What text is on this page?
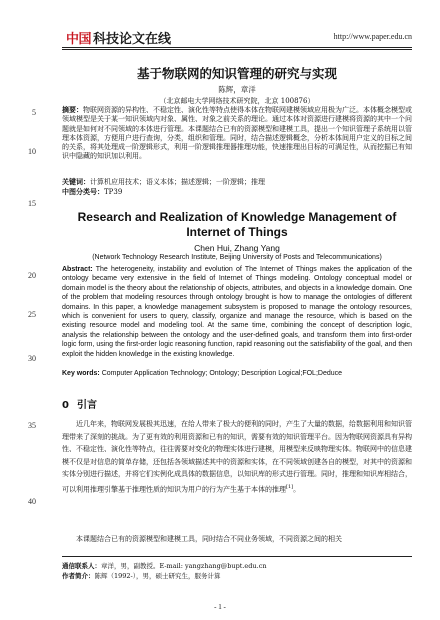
中国 科技论文在线	http://www.paper.edu.cn
5
10
15
20
25
30
35
40
基于物联网的知识管理的研究与实现
陈辉，章洋
（北京邮电大学网络技术研究院，北京 100876）
摘要：物联网资源的异构性、不稳定性、演化性等特点使得本体在物联网建模领域应用极为广泛。本体概念模型或领域模型是关于某一知识领域内对象、属性、对象之前关系的理论。通过本体对资源进行建模将资源的其中一个问题就是如何对不同领域的本体进行管理。本课题结合已有的资源模型和建模工具，提出一个知识管理子系统用以管理本体资源，方便用户进行查询，分类，组织和管理。同时，结合描述逻辑概念，分析本体间用户定义的目标之间的关系，将其处理成一阶逻辑形式，利用一阶逻辑推理器推理功能，快速推理出目标的可满足性，从而挖掘已有知识中隐藏的知识加以利用。
关键词：计算机应用技术；语义本体；描述逻辑；一阶逻辑；推理
中图分类号：TP39
Research and Realization of Knowledge Management of Internet of Things
Chen Hui, Zhang Yang
(Network Technology Research Institute, Beijing University of Posts and Telecommunications)
Abstract: The heterogeneity, instability and evolution of The Internet of Things makes the application of the ontology became very extensive in the field of Internet of Things modeling. Ontology conceptual model or domain model is the theory about the relationship of objects, attributes, and objects in a knowledge domain. One of the problem that modeling resources through ontology brought is how to manage the ontologies of different domains. In this paper, a knowledge management subsystem is proposed to manage the ontology resources, which is convenient for users to query, classify, organize and manage the resource, which is based on the existing resource model and modeling tool. At the same time, combining the concept of description logic, analysis the relationship between the ontology and the user-defined goals, and transform them into first-order logic form, using the first-order logic reasoning function, rapid reasoning out the satisfiability of the goal, and then exploit the hidden knowledge in the existing knowledge.
Key words: Computer Application Technology; Ontology; Description Logical;FOL;Deduce
0 引言
近几年来，物联网发展极其迅速，在给人带来了极大的便利的同时，产生了大量的数据，给数据利用和知识管理带来了深刻的挑战。为了更有效的利用资源和已有的知识，需要有效的知识管理平台。因为物联网资源具有异构性、不稳定性、演化性等特点，往往需要对变化的物理实体进行建模，用模型来反映物理实体。物联网中的信息建模不仅是对信息的简单存储，还包括各领域描述其中的资源和实体，在不同领域创建各自的模型，对其中的资源和实体分别进行描述，并将它们实例化成具体的数据信息，以知识库的形式进行管理。同时，推理和知识库相结合，可以利用推理引擎基于推理性质的知识为用户的行为产生基于本体的推理[1]。
本课题结合已有的资源模型和建模工具，同时结合不同业务领域，不同资源之间的相关
通信联系人：章洋，男，副教授。E-mail: yangzhang@bupt.edu.cn
作者简介：陈辉（1992-），男，硕士研究生，服务计算
- 1 -
